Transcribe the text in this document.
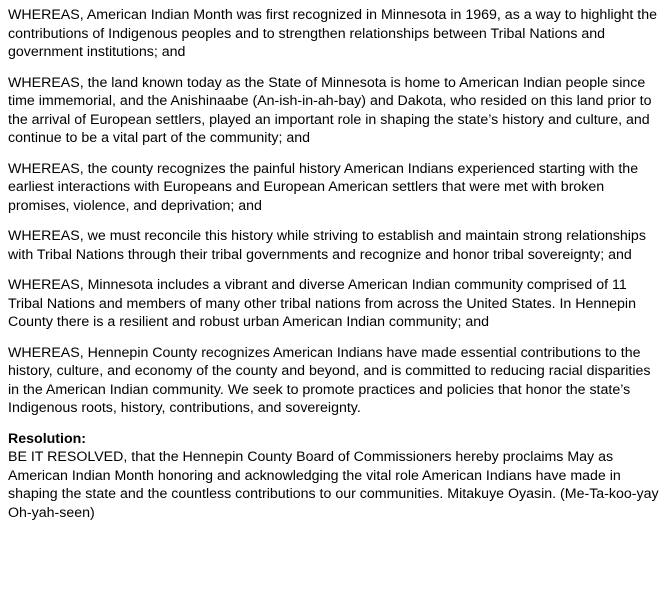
WHEREAS, American Indian Month was first recognized in Minnesota in 1969, as a way to highlight the contributions of Indigenous peoples and to strengthen relationships between Tribal Nations and government institutions; and

WHEREAS, the land known today as the State of Minnesota is home to American Indian people since time immemorial, and the Anishinaabe (An-ish-in-ah-bay) and Dakota, who resided on this land prior to the arrival of European settlers, played an important role in shaping the state’s history and culture, and continue to be a vital part of the community; and

WHEREAS, the county recognizes the painful history American Indians experienced starting with the earliest interactions with Europeans and European American settlers that were met with broken promises, violence, and deprivation; and

WHEREAS, we must reconcile this history while striving to establish and maintain strong relationships with Tribal Nations through their tribal governments and recognize and honor tribal sovereignty; and

WHEREAS, Minnesota includes a vibrant and diverse American Indian community comprised of 11 Tribal Nations and members of many other tribal nations from across the United States. In Hennepin County there is a resilient and robust urban American Indian community; and

WHEREAS, Hennepin County recognizes American Indians have made essential contributions to the history, culture, and economy of the county and beyond, and is committed to reducing racial disparities in the American Indian community. We seek to promote practices and policies that honor the state’s Indigenous roots, history, contributions, and sovereignty.

Resolution:

BE IT RESOLVED, that the Hennepin County Board of Commissioners hereby proclaims May as American Indian Month honoring and acknowledging the vital role American Indians have made in shaping the state and the countless contributions to our communities. Mitakuye Oyasin. (Me-Ta-koo-yay Oh-yah-seen)
